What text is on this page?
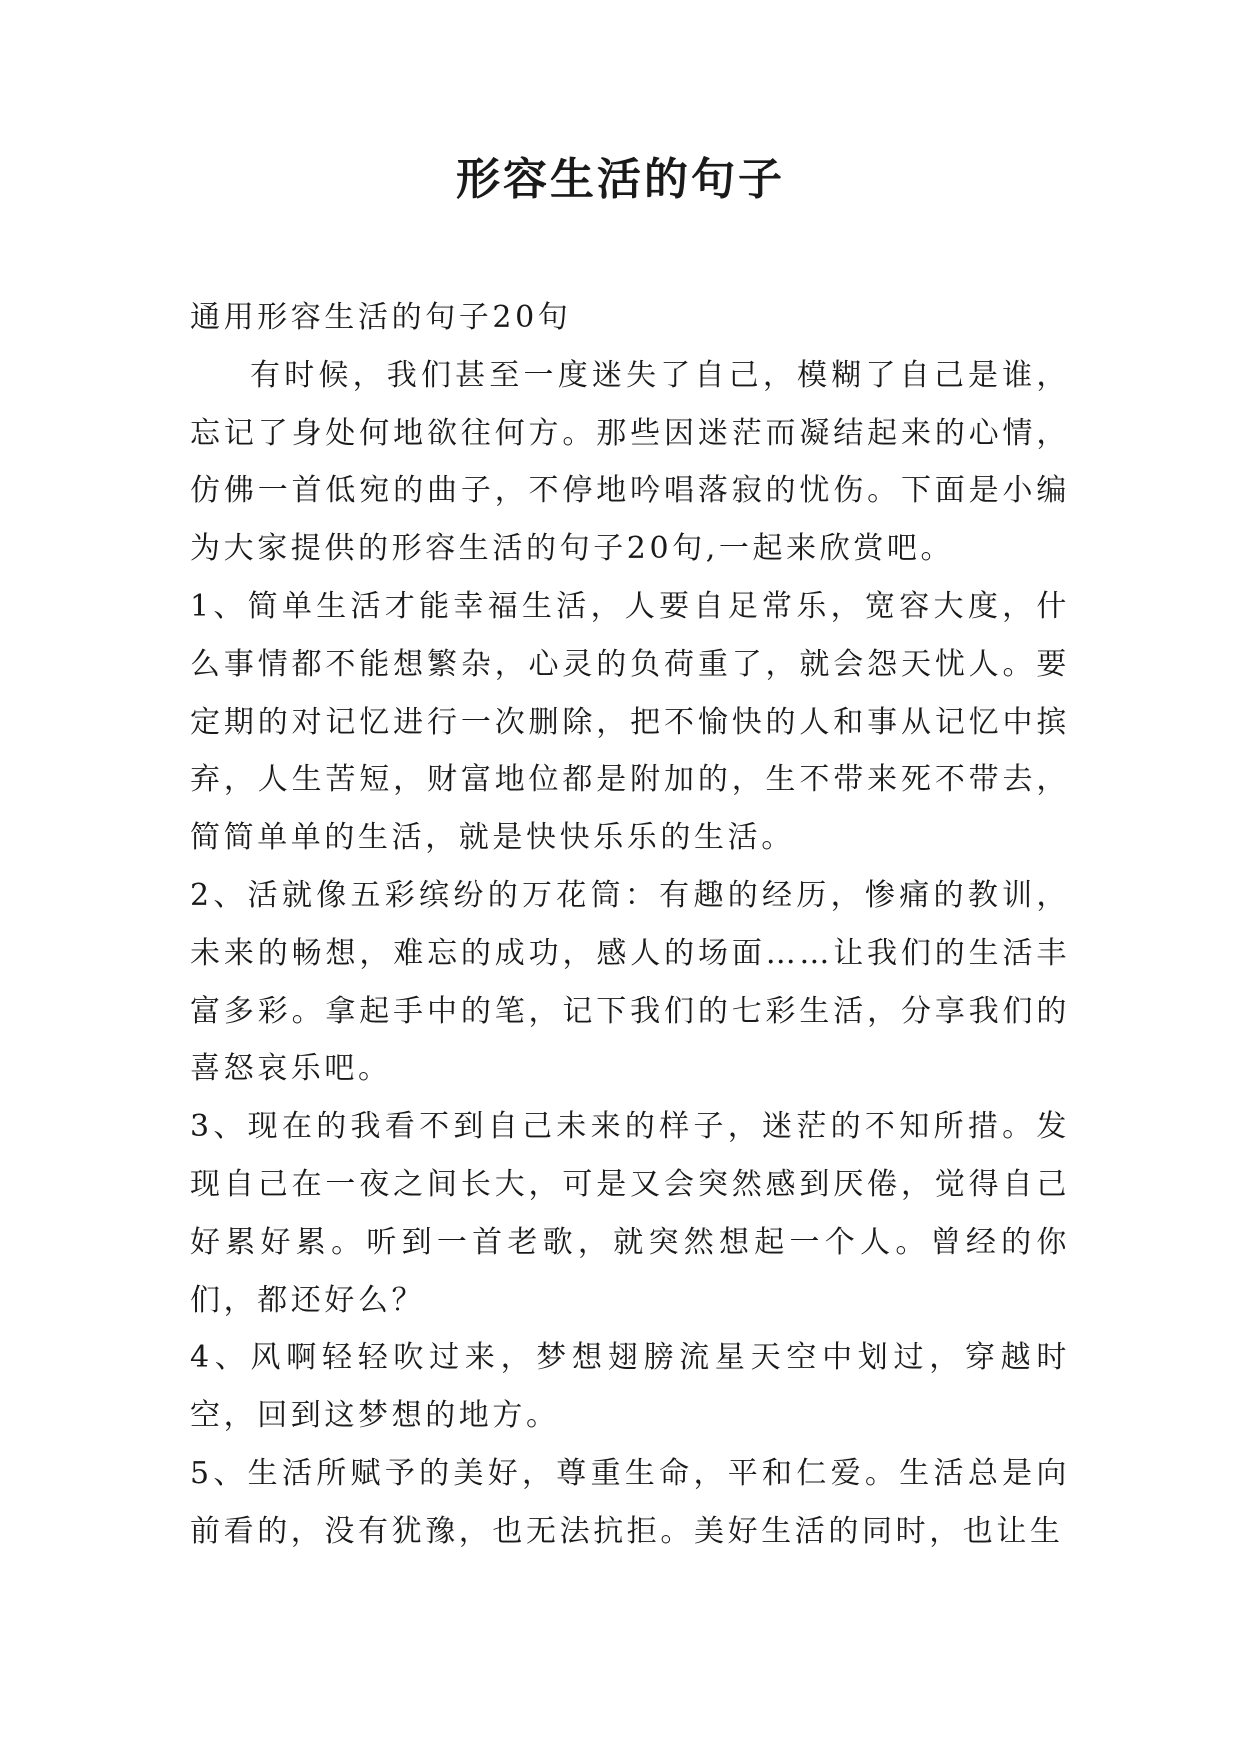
形容生活的句子

通用形容生活的句子20句

有时候，我们甚至一度迷失了自己，模糊了自己是谁，忘记了身处何地欲往何方。那些因迷茫而凝结起来的心情，仿佛一首低宛的曲子，不停地吟唱落寂的忧伤。下面是小编为大家提供的形容生活的句子20句,一起来欣赏吧。

1、简单生活才能幸福生活，人要自足常乐，宽容大度，什么事情都不能想繁杂，心灵的负荷重了，就会怨天忧人。要定期的对记忆进行一次删除，把不愉快的人和事从记忆中摈弃，人生苦短，财富地位都是附加的，生不带来死不带去，简简单单的生活，就是快快乐乐的生活。

2、活就像五彩缤纷的万花筒：有趣的经历，惨痛的教训，未来的畅想，难忘的成功，感人的场面……让我们的生活丰富多彩。拿起手中的笔，记下我们的七彩生活，分享我们的喜怒哀乐吧。

3、现在的我看不到自己未来的样子，迷茫的不知所措。发现自己在一夜之间长大，可是又会突然感到厌倦，觉得自己好累好累。听到一首老歌，就突然想起一个人。曾经的你们，都还好么？

4、风啊轻轻吹过来，梦想翅膀流星天空中划过，穿越时空，回到这梦想的地方。

5、生活所赋予的美好，尊重生命，平和仁爱。生活总是向前看的，没有犹豫，也无法抗拒。美好生活的同时，也让生
